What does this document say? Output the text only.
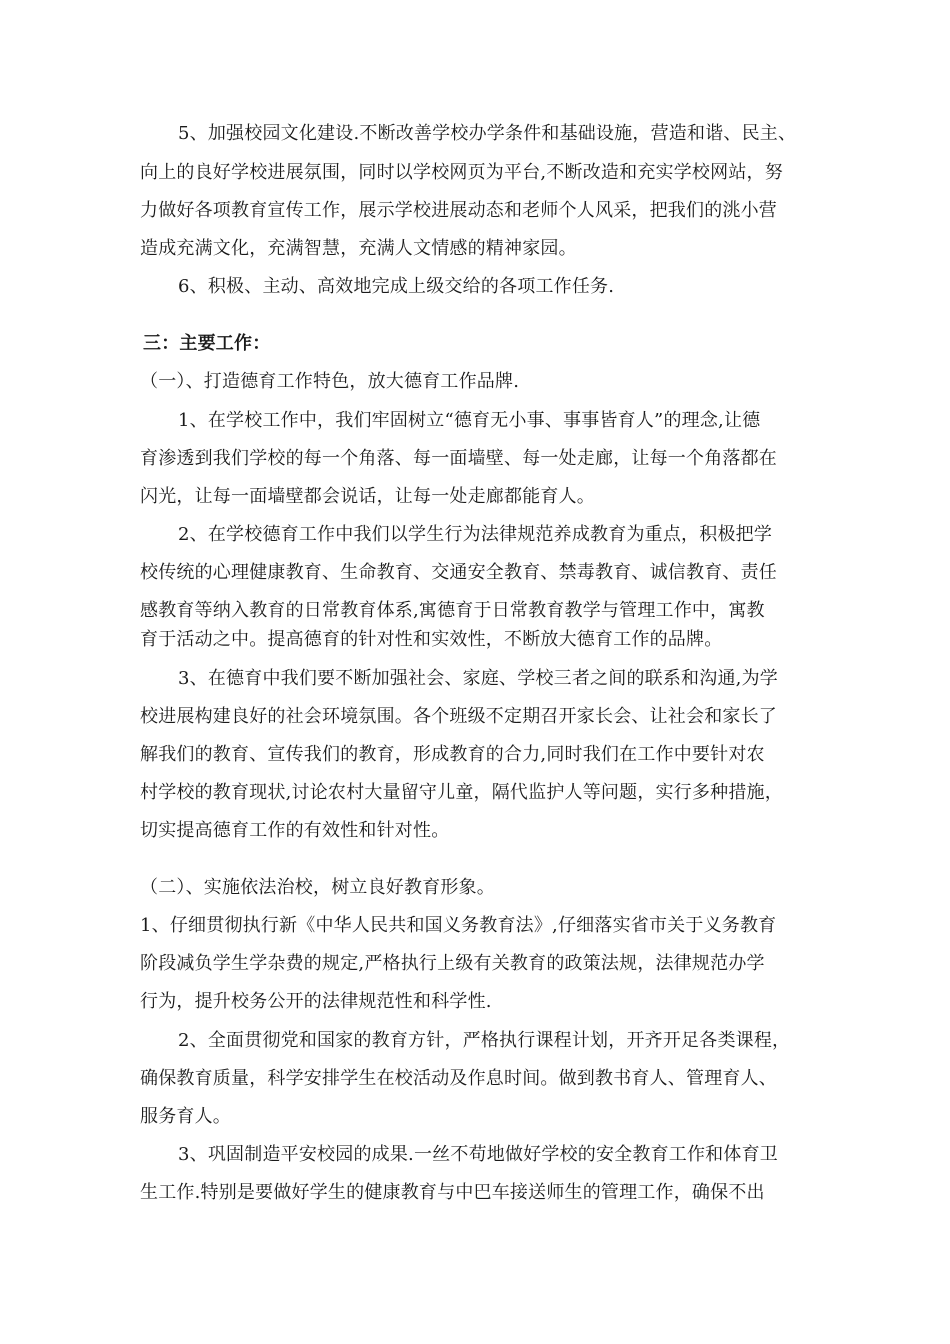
5、加强校园文化建设.不断改善学校办学条件和基础设施，营造和谐、民主、
向上的良好学校进展氛围，同时以学校网页为平台,不断改造和充实学校网站，努
力做好各项教育宣传工作，展示学校进展动态和老师个人风采，把我们的洮小营
造成充满文化，充满智慧，充满人文情感的精神家园。
6、积极、主动、高效地完成上级交给的各项工作任务.
三：主要工作：
（一）、打造德育工作特色，放大德育工作品牌.
1、在学校工作中，我们牢固树立“德育无小事、事事皆育人”的理念,让德
育渗透到我们学校的每一个角落、每一面墙壁、每一处走廊，让每一个角落都在
闪光，让每一面墙壁都会说话，让每一处走廊都能育人。
2、在学校德育工作中我们以学生行为法律规范养成教育为重点，积极把学
校传统的心理健康教育、生命教育、交通安全教育、禁毒教育、诚信教育、责任
感教育等纳入教育的日常教育体系,寓德育于日常教育教学与管理工作中，寓教
育于活动之中。提高德育的针对性和实效性，不断放大德育工作的品牌。
3、在德育中我们要不断加强社会、家庭、学校三者之间的联系和沟通,为学
校进展构建良好的社会环境氛围。各个班级不定期召开家长会、让社会和家长了
解我们的教育、宣传我们的教育，形成教育的合力,同时我们在工作中要针对农
村学校的教育现状,讨论农村大量留守儿童，隔代监护人等问题，实行多种措施，
切实提高德育工作的有效性和针对性。
（二）、实施依法治校，树立良好教育形象。
1、仔细贯彻执行新《中华人民共和国义务教育法》,仔细落实省市关于义务教育
阶段减负学生学杂费的规定,严格执行上级有关教育的政策法规，法律规范办学
行为，提升校务公开的法律规范性和科学性.
2、全面贯彻党和国家的教育方针，严格执行课程计划，开齐开足各类课程，
确保教育质量，科学安排学生在校活动及作息时间。做到教书育人、管理育人、
服务育人。
3、巩固制造平安校园的成果.一丝不苟地做好学校的安全教育工作和体育卫
生工作.特别是要做好学生的健康教育与中巴车接送师生的管理工作，确保不出
